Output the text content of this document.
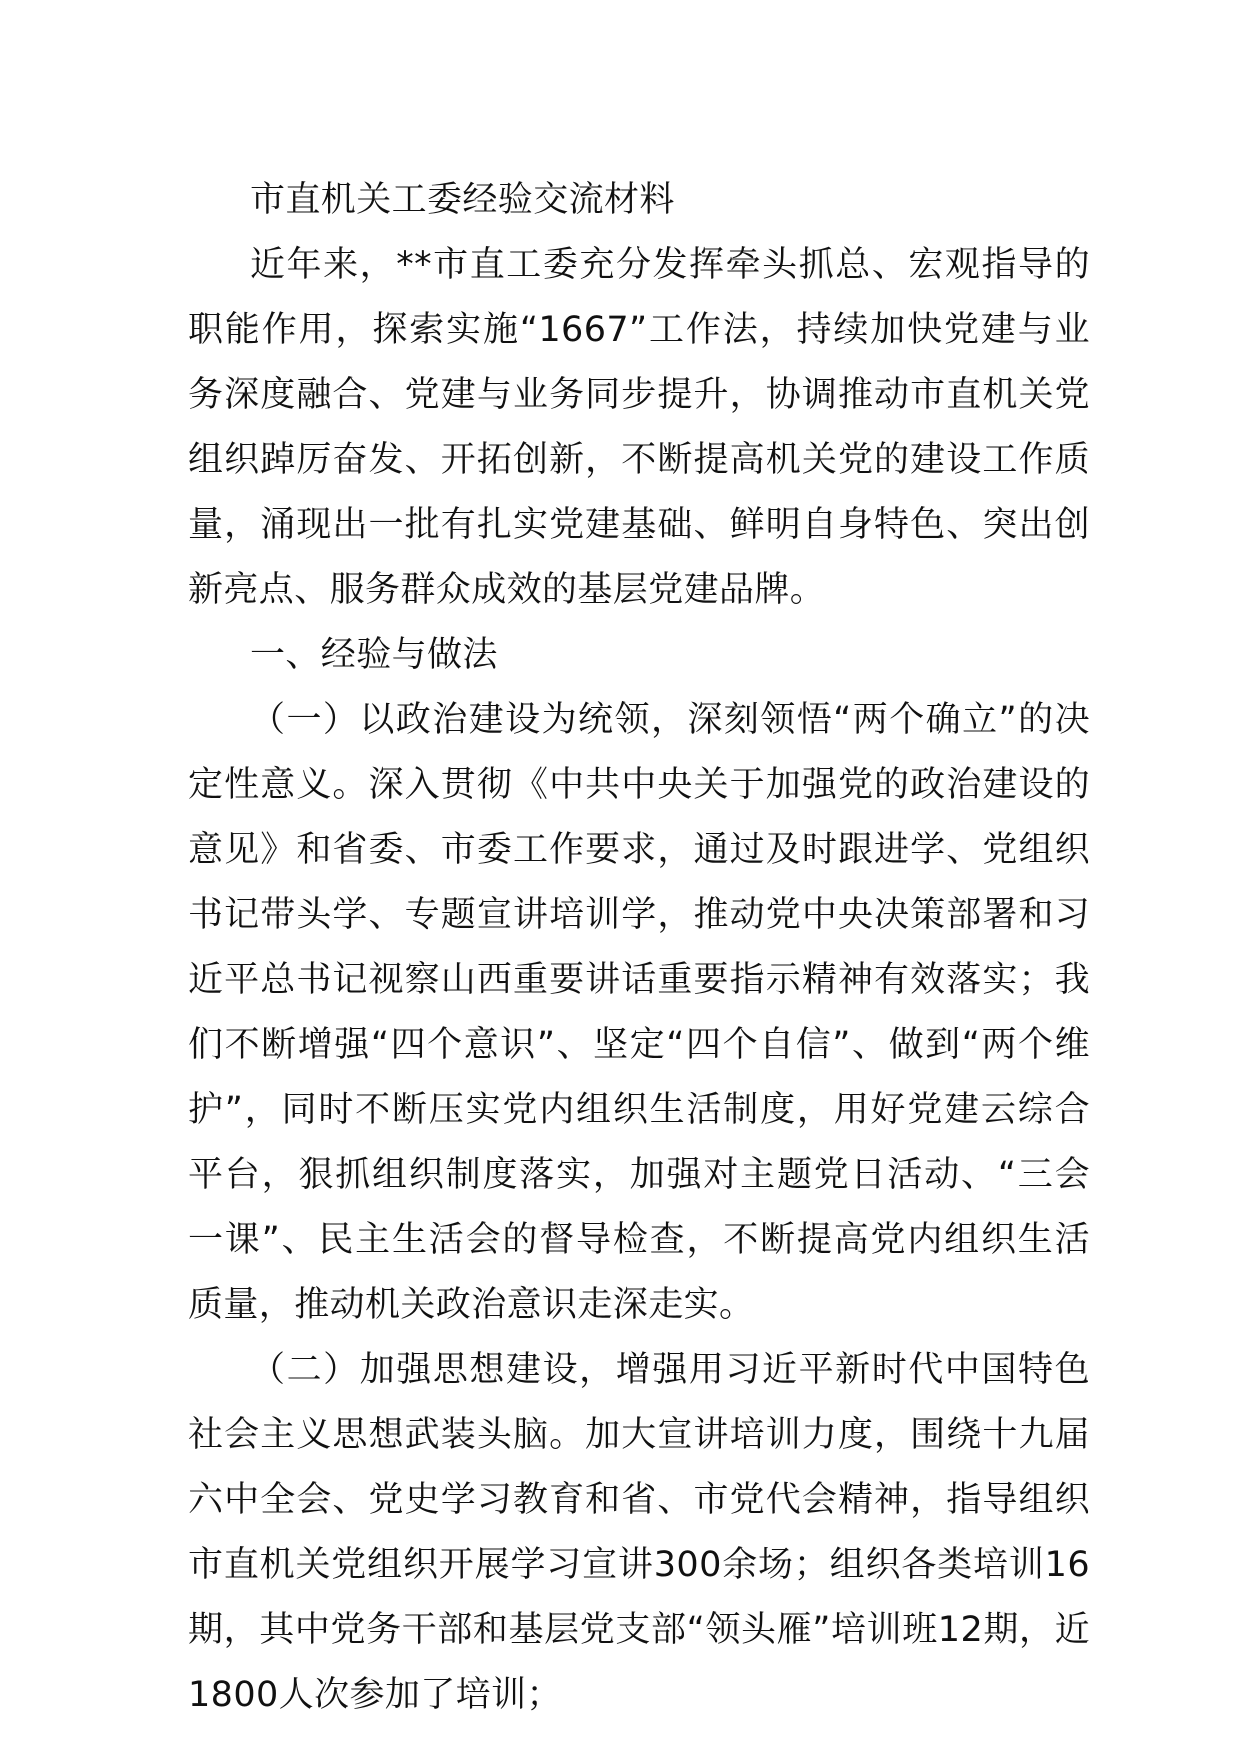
市直机关工委经验交流材料

近年来，**市直工委充分发挥牵头抓总、宏观指导的职能作用，探索实施“1667”工作法，持续加快党建与业务深度融合、党建与业务同步提升，协调推动市直机关党组织踔厉奋发、开拓创新，不断提高机关党的建设工作质量，涌现出一批有扎实党建基础、鲜明自身特色、突出创新亮点、服务群众成效的基层党建品牌。

一、经验与做法

（一）以政治建设为统领，深刻领悟“两个确立”的决定性意义。深入贯彻《中共中央关于加强党的政治建设的意见》和省委、市委工作要求，通过及时跟进学、党组织书记带头学、专题宣讲培训学，推动党中央决策部署和习近平总书记视察山西重要讲话重要指示精神有效落实；我们不断增强“四个意识”、坚定“四个自信”、做到“两个维护”，同时不断压实党内组织生活制度，用好党建云综合平台，狠抓组织制度落实，加强对主题党日活动、“三会一课”、民主生活会的督导检查，不断提高党内组织生活质量，推动机关政治意识走深走实。

（二）加强思想建设，增强用习近平新时代中国特色社会主义思想武装头脑。加大宣讲培训力度，围绕十九届六中全会、党史学习教育和省、市党代会精神，指导组织市直机关党组织开展学习宣讲300余场；组织各类培训16期，其中党务干部和基层党支部“领头雁”培训班12期，近1800人次参加了培训；
